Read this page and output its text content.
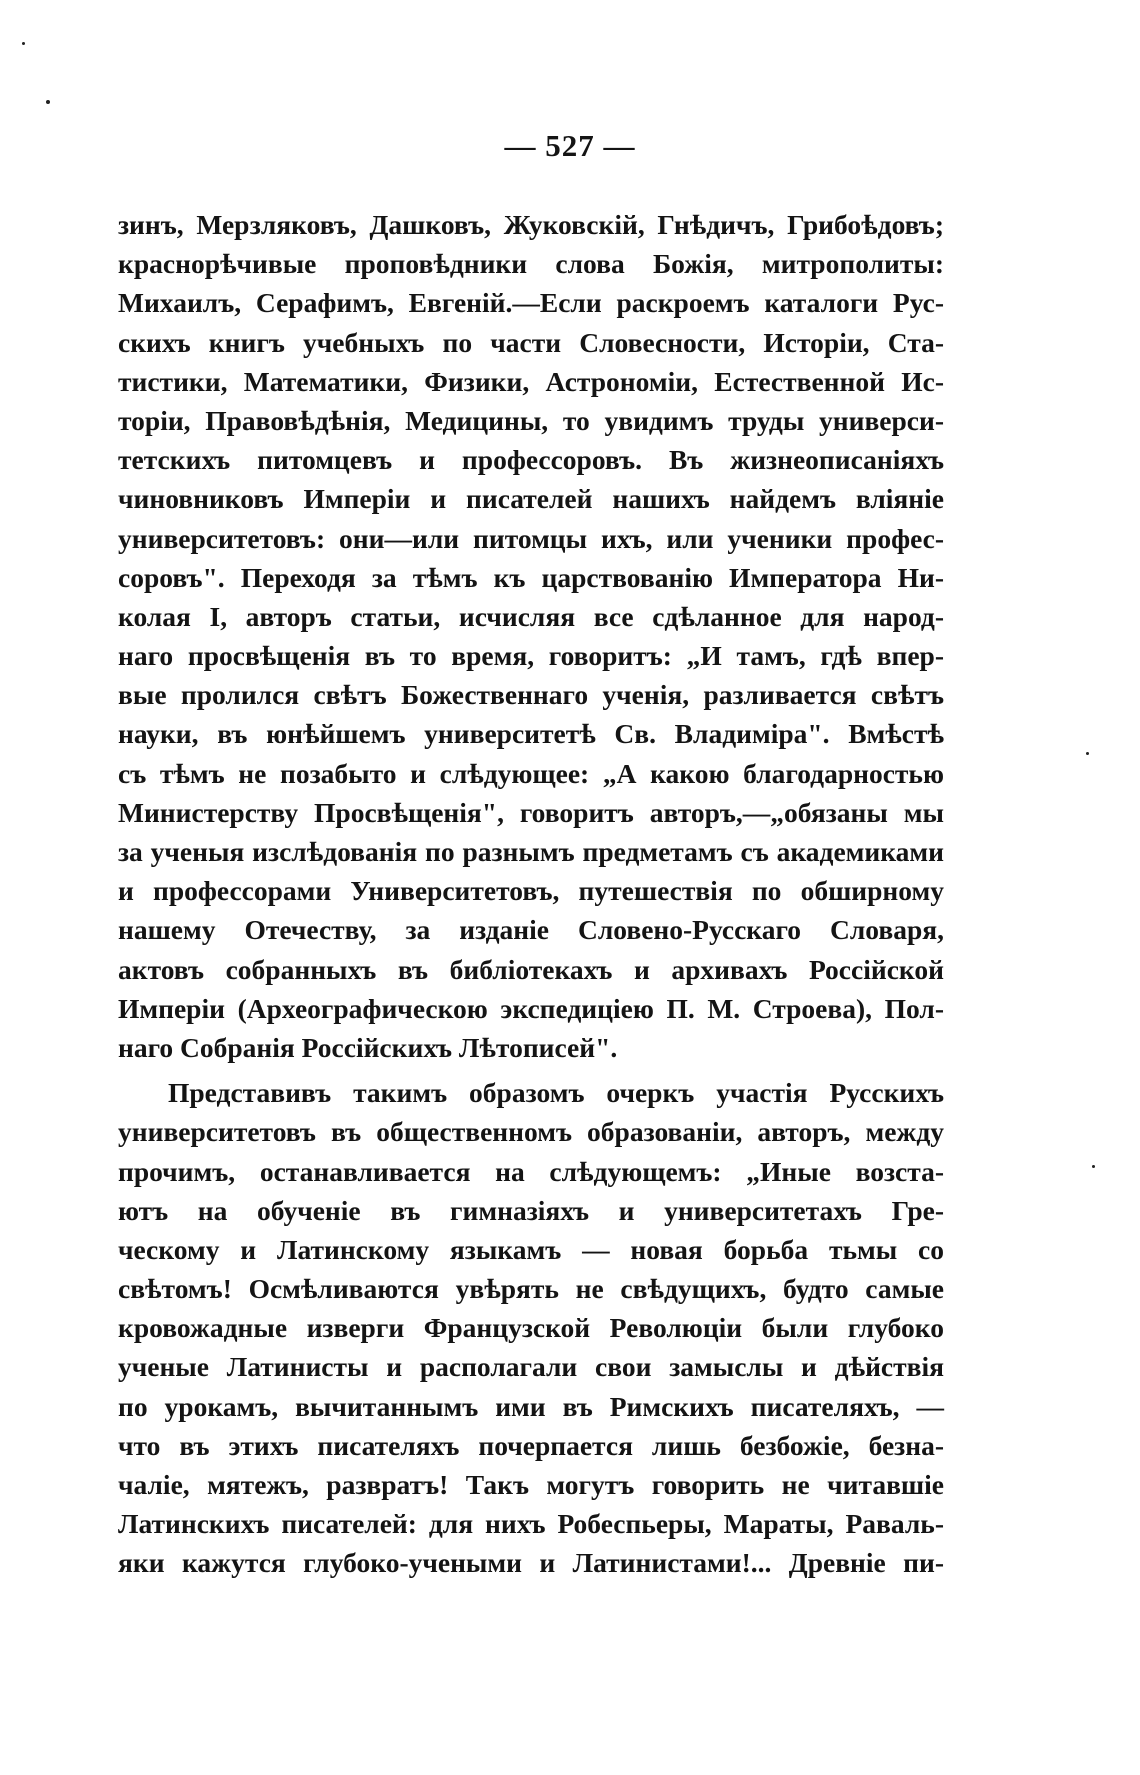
— 527 —
зинъ, Мерзляковъ, Дашковъ, Жуковскій, Гнѣдичъ, Грибоѣдовъ;
краснорѣчивые проповѣдники слова Божія, митрополиты:
Михаилъ, Серафимъ, Евгеній.—Если раскроемъ каталоги Рус-
скихъ книгъ учебныхъ по части Словесности, Исторіи, Ста-
тистики, Математики, Физики, Астрономіи, Естественной Ис-
торіи, Правовѣдѣнія, Медицины, то увидимъ труды универси-
тетскихъ питомцевъ и профессоровъ. Въ жизнеописаніяхъ
чиновниковъ Имперіи и писателей нашихъ найдемъ вліяніе
университетовъ: они—или питомцы ихъ, или ученики профес-
соровъ". Переходя за тѣмъ къ царствованію Императора Ни-
колая І, авторъ статьи, исчисляя все сдѣланное для народ-
наго просвѣщенія въ то время, говоритъ: „И тамъ, гдѣ впер-
вые пролился свѣтъ Божественнаго ученія, разливается свѣтъ
науки, въ юнѣйшемъ университетѣ Св. Владиміра". Вмѣстѣ
съ тѣмъ не позабыто и слѣдующее: „А какою благодарностью
Министерству Просвѣщенія", говоритъ авторъ,—„обязаны мы
за ученыя изслѣдованія по разнымъ предметамъ съ академиками
и профессорами Университетовъ, путешествія по обширному
нашему Отечеству, за изданіе Словено-Русскаго Словаря,
актовъ собранныхъ въ библіотекахъ и архивахъ Россійской
Имперіи (Археографическою экспедиціею П. М. Строева), Пол-
наго Собранія Россійскихъ Лѣтописей".
Представивъ такимъ образомъ очеркъ участія Русскихъ
университетовъ въ общественномъ образованіи, авторъ, между
прочимъ, останавливается на слѣдующемъ: „Иные возста-
ютъ на обученіе въ гимназіяхъ и университетахъ Гре-
ческому и Латинскому языкамъ — новая борьба тьмы со
свѣтомъ! Осмѣливаются увѣрять не свѣдущихъ, будто самые
кровожадные изверги Французской Революціи были глубоко
ученые Латинисты и располагали свои замыслы и дѣйствія
по урокамъ, вычитаннымъ ими въ Римскихъ писателяхъ, —
что въ этихъ писателяхъ почерпается лишь безбожіе, безна-
чаліе, мятежъ, развратъ! Такъ могутъ говорить не читавшіе
Латинскихъ писателей: для нихъ Робеспьеры, Мараты, Раваль-
яки кажутся глубоко-учеными и Латинистами!... Древніе пи-
